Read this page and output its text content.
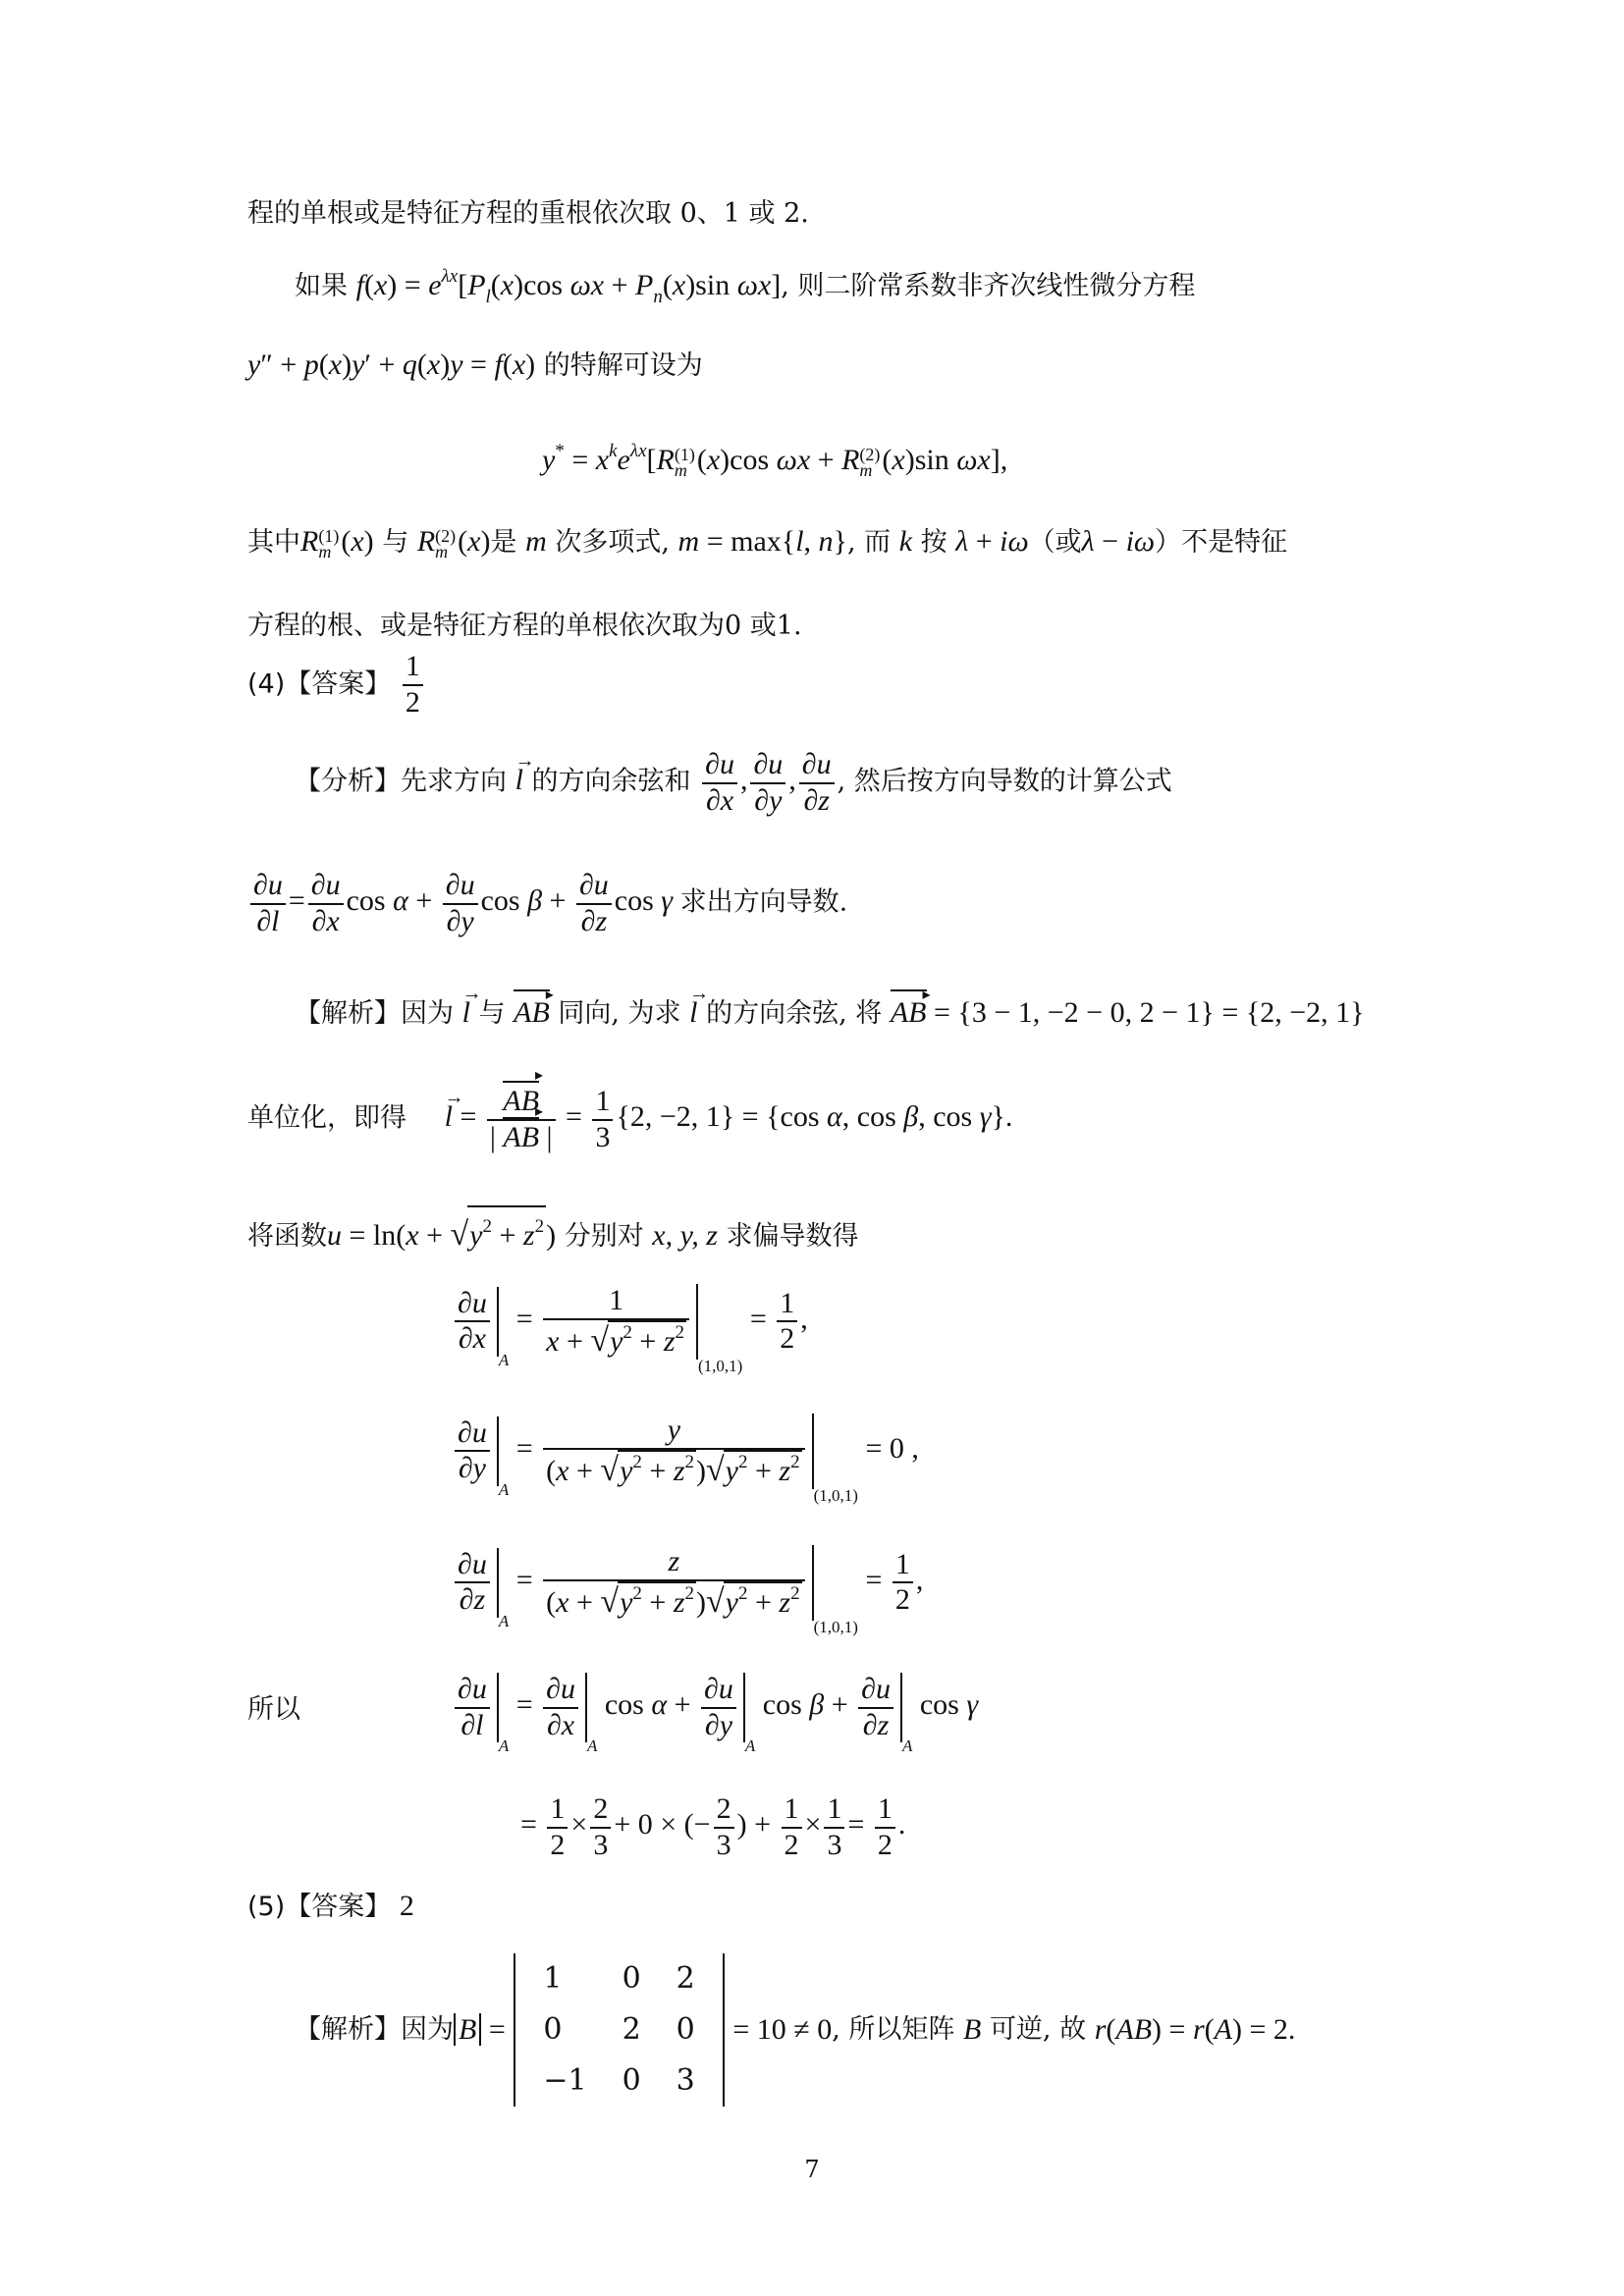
程的单根或是特征方程的重根依次取 0、1 或 2.
如果 $f(x) = e^{\lambda x}[P_l(x)\cos$ $\omega x + P_n(x)\sin$ ωx], 则二阶常系数非齐次线性微分方程
y″ + p(x)y′ + q(x)y = f(x) 的特解可设为
$y^* = x^ke^{\lambda x}[R$ (1)
m (x)cos ωx + R (2)
m (x)sin ωx],
其中R (1)
m (x) 与 R (2)
m (x)是 m 次多项式, m = max{l, n}, 而 k 按 λ + iω（或λ − iω）不是特征
方程的根、或是特征方程的单根依次取为0 或1.
(4)【答案】 $\frac{1}{2}$
【分析】先求方向 → l 的方向余弦和 $\frac{\partial u}{\partial x}$ , $\frac{\partial u}{\partial y}$ , $\frac{\partial u}{\partial z}$ , 然后按方向导数的计算公式
$\frac{\partial u}{\partial l} = \frac{\partial u}{\partial x}$ $\cos \alpha + \frac{\partial u}{\partial y}$ $\cos \beta + \frac{\partial u}{\partial z}$ cos γ 求出方向导数.
【解析】因为 → l 与 AB ▸ 同向, 为求 → l 的方向余弦, 将 AB ▸ = {3 − 1, −2 − 0, 2 − 1} = {2, −2, 1}
单位化，即得 → $l = \frac{AB ▸}{| AB ▸ |} = \frac{1}{3} \{2$, −2, 1} = {cos α, cos β, cos γ}.
将函数$u = \ln(x + √y^2 + z^2)$ 分别对 x, y, z 求偏导数得
$\frac{\partial u}{\partial x}$
$_A = \frac{1}{x + √y^2 + z^2}$
$_{(1,0,1)} = \frac{1}{2}$ ,
$\frac{\partial u}{\partial y}$
$_A = \frac{y}{(x + √y^2 + z^2)√y^2 + z^2}$
$_{(1,0,1)}$ = 0 ,
$\frac{\partial u}{\partial z}$
$_A = \frac{z}{(x + √y^2 + z^2)√y^2 + z^2}$
$_{(1,0,1)} = \frac{1}{2}$ ,
所以	$\frac{\partial u}{\partial l}$
$_A = \frac{\partial u}{\partial x}$
$_A$ $\cos \alpha + \frac{\partial u}{\partial y}$
$_A$ $\cos \beta + \frac{\partial u}{\partial z}$
$_A$ cos γ
= $\frac{1}{2} \times \frac{2}{3} + 0$ × (− $\frac{2}{3}$ ) + $\frac{1}{2} \times \frac{1}{3} = \frac{1}{2}$ .
(5)【答案】 2
【解析】因为 B =
1	0	2
0	2	0
−1	0	3
= 10 ≠ 0, 所以矩阵 B 可逆, 故 r(AB) = r(A) = 2.
7
